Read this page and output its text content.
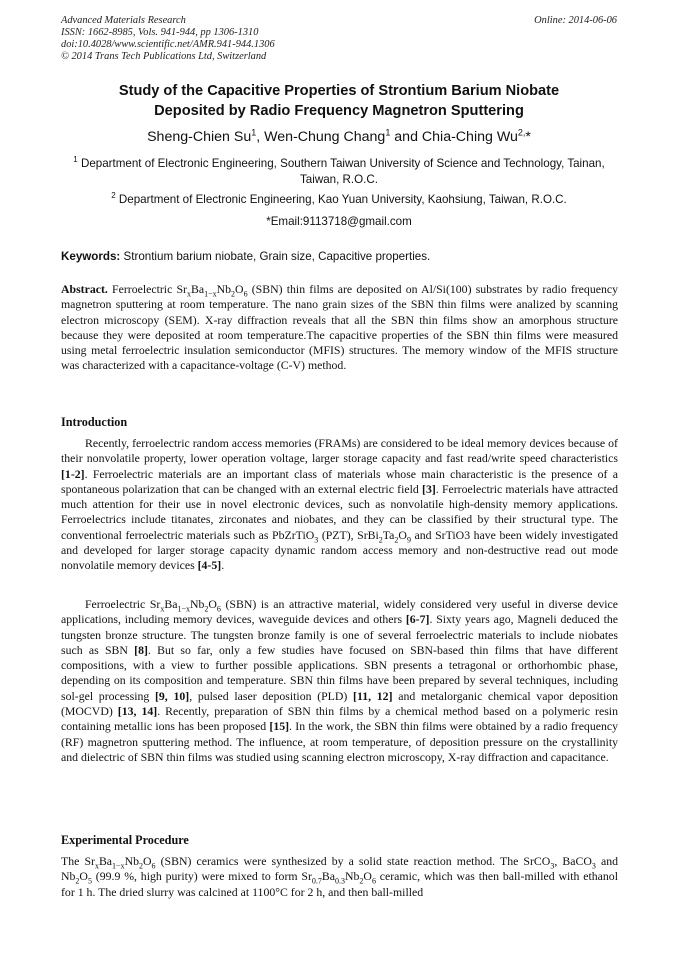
Advanced Materials Research
ISSN: 1662-8985, Vols. 941-944, pp 1306-1310
doi:10.4028/www.scientific.net/AMR.941-944.1306
© 2014 Trans Tech Publications Ltd, Switzerland
Online: 2014-06-06
Study of the Capacitive Properties of Strontium Barium Niobate
Deposited by Radio Frequency Magnetron Sputtering
Sheng-Chien Su$^1$, Wen-Chung Chang$^1$ and Chia-Ching $Wu^{2,}*$
$^1$ Department of Electronic Engineering, Southern Taiwan University of Science and Technology, Tainan, Taiwan, R.O.C.
$^2$ Department of Electronic Engineering, Kao Yuan University, Kaohsiung, Taiwan, R.O.C.
*Email:9113718@gmail.com
Keywords: Strontium barium niobate, Grain size, Capacitive properties.
Abstract. Ferroelectric $Sr_xBa_{1-x}Nb_2O_6$ (SBN) thin films are deposited on Al/Si(100) substrates by radio frequency magnetron sputtering at room temperature. The nano grain sizes of the SBN thin films were analized by scanning electron microscopy (SEM). X-ray diffraction reveals that all the SBN thin films show an amorphous structure because they were deposited at room temperature.The capacitive properties of the SBN thin films were measured using metal ferroelectric insulation semiconductor (MFIS) structures. The memory window of the MFIS structure was characterized with a capacitance-voltage (C-V) method.
Introduction
Recently, ferroelectric random access memories (FRAMs) are considered to be ideal memory devices because of their nonvolatile property, lower operation voltage, larger storage capacity and fast read/write speed characteristics [1-2]. Ferroelectric materials are an important class of materials whose main characteristic is the presence of a spontaneous polarization that can be changed with an external electric field [3]. Ferroelectric materials have attracted much attention for their use in novel electronic devices, such as nonvolatile high-density memory applications. Ferroelectrics include titanates, zirconates and niobates, and they can be classified by their structural type. The conventional ferroelectric materials such as PbZrTiO$_3$ (PZT), $SrBi_2Ta_2O_9$ and SrTiO3 have been widely investigated and developed for larger storage capacity dynamic random access memory and non-destructive read out mode nonvolatile memory devices [4-5].
Ferroelectric $Sr_xBa_{1-x}Nb_2O_6$ (SBN) is an attractive material, widely considered very useful in diverse device applications, including memory devices, waveguide devices and others [6-7]. Sixty years ago, Magneli deduced the tungsten bronze structure. The tungsten bronze family is one of several ferroelectric materials to include niobates such as SBN [8]. But so far, only a few studies have focused on SBN-based thin films that have different compositions, with a view to further possible applications. SBN presents a tetragonal or orthorhombic phase, depending on its composition and temperature. SBN thin films have been prepared by several techniques, including sol-gel processing [9, 10], pulsed laser deposition (PLD) [11, 12] and metalorganic chemical vapor deposition (MOCVD) [13, 14]. Recently, preparation of SBN thin films by a chemical method based on a polymeric resin containing metallic ions has been proposed [15]. In the work, the SBN thin films were obtained by a radio frequency (RF) magnetron sputtering method. The influence, at room temperature, of deposition pressure on the crystallinity and dielectric of SBN thin films was studied using scanning electron microscopy, X-ray diffraction and capacitance.
Experimental Procedure
The $Sr_xBa_{1-x}Nb_2O_6$ (SBN) ceramics were synthesized by a solid state reaction method. The SrCO$_3$, BaCO$_3$ and $Nb_2O_5$ (99.9 %, high purity) were mixed to form $Sr_{0.7}Ba_{0.3}Nb_2O_6$ ceramic, which was then ball-milled with ethanol for 1 h. The dried slurry was calcined at 1100°C for 2 h, and then ball-milled
